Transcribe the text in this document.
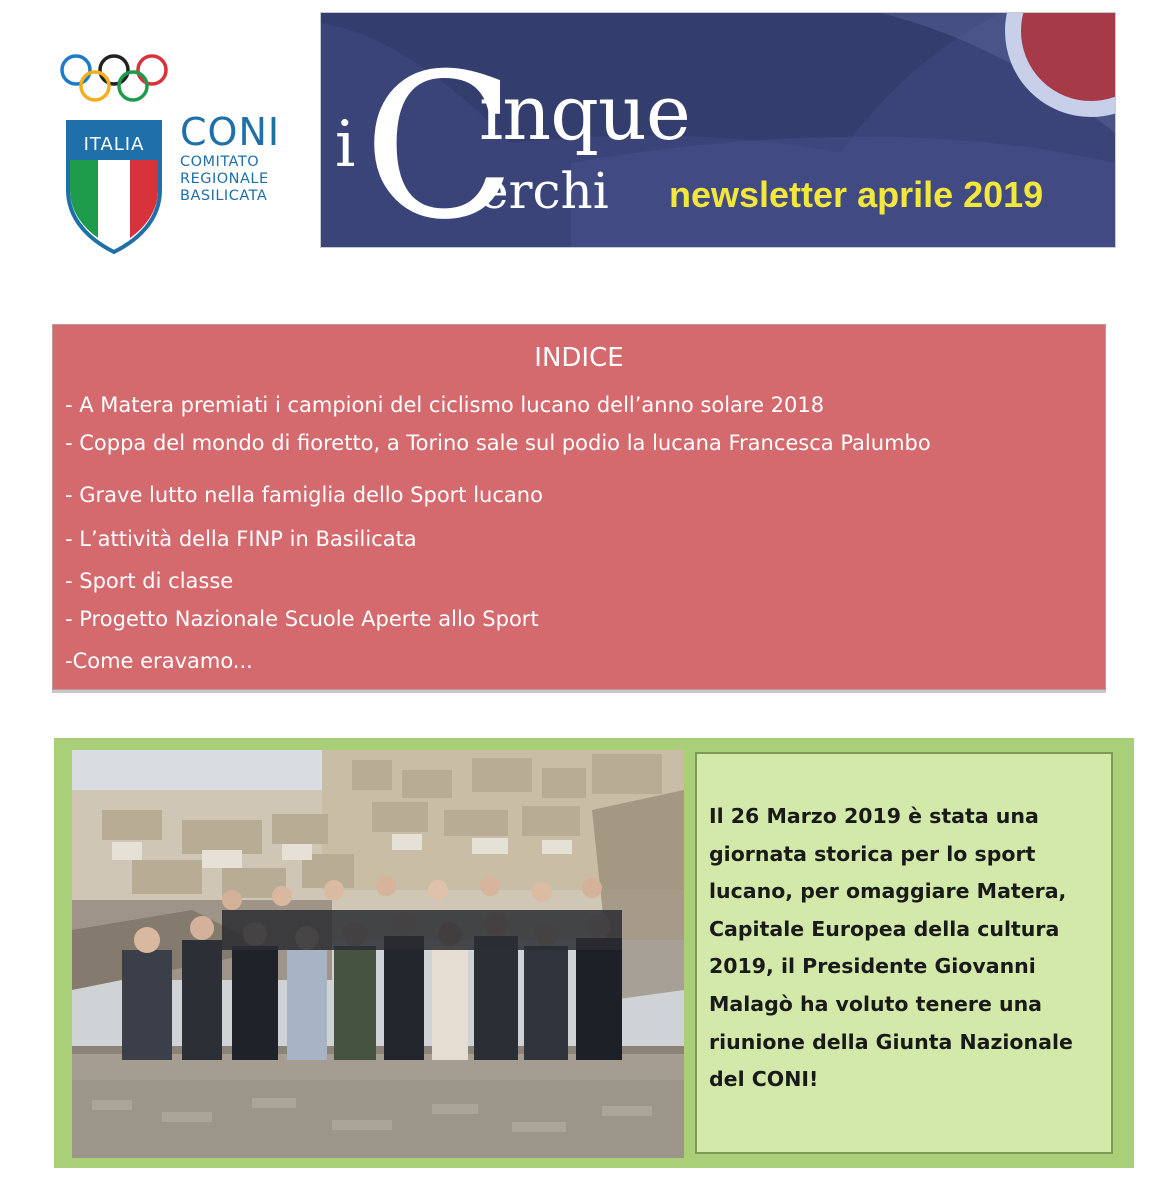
ITALIA CONI
COMITATO
REGIONALE
BASILICATA
i C
inque
erchi newsletter aprile 2019
INDICE
- A Matera premiati i campioni del ciclismo lucano dell’anno solare 2018
- Coppa del mondo di fioretto, a Torino sale sul podio la lucana Francesca Palumbo
- Grave lutto nella famiglia dello Sport lucano
- L’attività della FINP in Basilicata
- Sport di classe
- Progetto Nazionale Scuole Aperte allo Sport
-Come eravamo...
Il 26 Marzo 2019 è stata una
giornata storica per lo sport
lucano, per omaggiare Matera,
Capitale Europea della cultura
2019, il Presidente Giovanni
Malagò ha voluto tenere una
riunione della Giunta Nazionale
del CONI!
